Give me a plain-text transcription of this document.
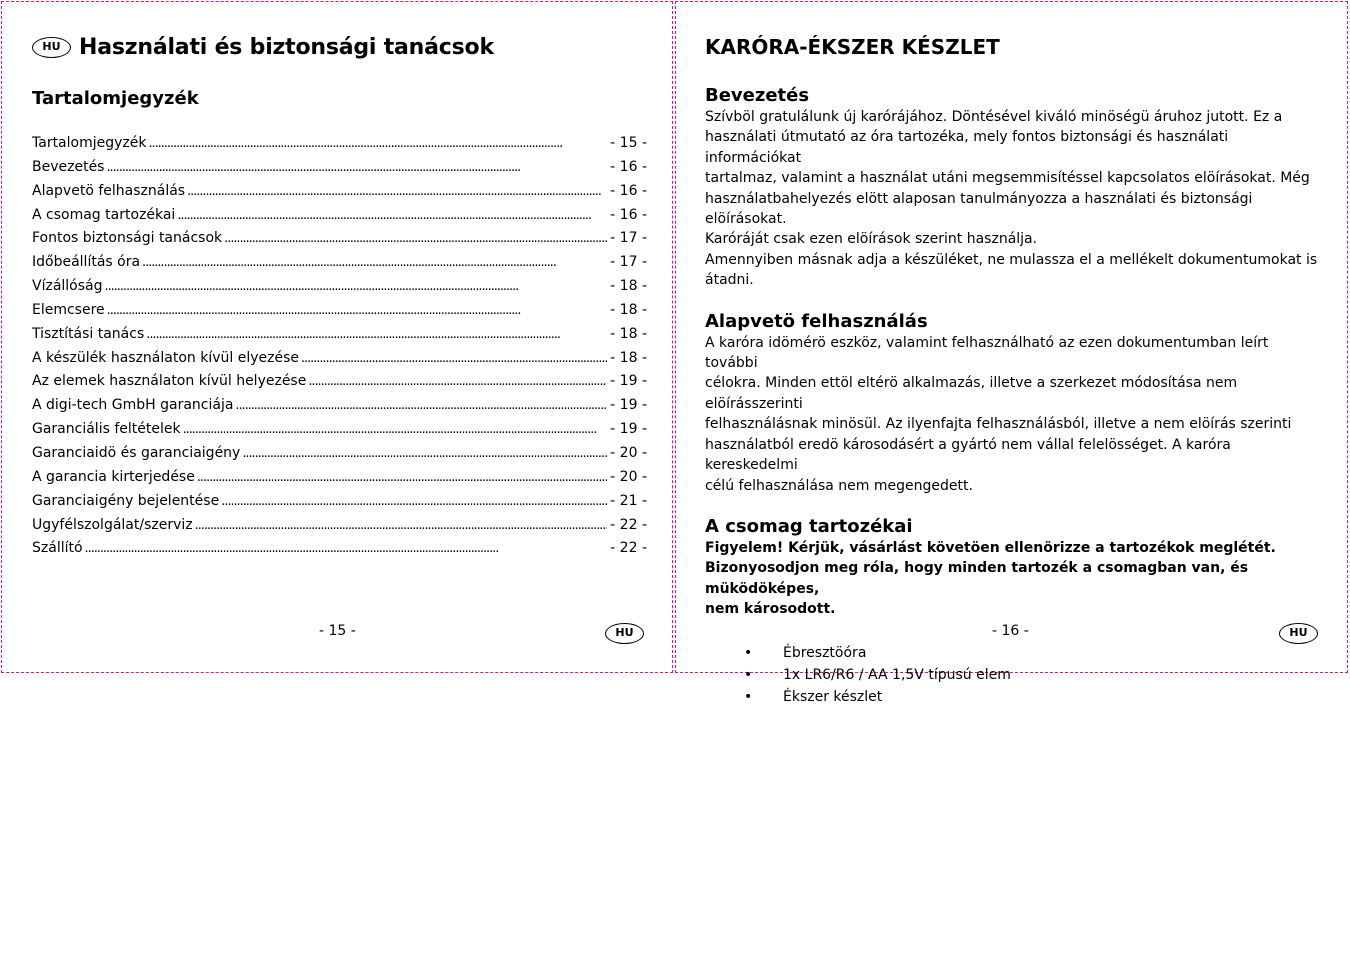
HU Használati és biztonsági tanácsok
Tartalomjegyzék
Tartalomjegyzék . . .	- 15 -
Bevezetés . . .	- 16 -
Alapvetö felhasználás . . .	- 16 -
A csomag tartozékai . . .	- 16 -
Fontos biztonsági tanácsok . . .	- 17 -
Időbeállítás óra . . .	- 17 -
Vízállóság . . .	- 18 -
Elemcsere . . .	- 18 -
Tisztítási tanács . . .	- 18 -
A készülék használaton kívül elyezése . . .	- 18 -
Az elemek használaton kívül helyezése . . .	- 19 -
A digi-tech GmbH garanciája . . .	- 19 -
Garanciális feltételek . . .	- 19 -
Garanciaidö és garanciaigény . . .	- 20 -
A garancia kirterjedése . . .	- 20 -
Garanciaigény bejelentése . . .	- 21 -
Ügyfélszolgálat/szerviz . . .	- 22 -
Szállító . . .	- 22 -
- 15 -	HU
KARÓRA-ÉKSZER KÉSZLET
Bevezetés

Szívböl gratulálunk új karórájához. Döntésével kiváló minöségü áruhoz jutott. Ez a

használati útmutató az óra tartozéka, mely fontos biztonsági és használati információkat

tartalmaz, valamint a használat utáni megsemmisítéssel kapcsolatos elöírásokat. Még

használatbahelyezés elött alaposan tanulmányozza a használati és biztonsági elöírásokat.

Karóráját csak ezen elöírások szerint használja.

Amennyiben másnak adja a készüléket, ne mulassza el a mellékelt dokumentumokat is

átadni.

Alapvetö felhasználás

A karóra idömérö eszköz, valamint felhasználható az ezen dokumentumban leírt további

célokra. Minden ettöl eltérö alkalmazás, illetve a szerkezet módosítása nem elöírásszerinti

felhasználásnak minösül. Az ilyenfajta felhasználásból, illetve a nem elöírás szerinti

használatból eredö károsodásért a gyártó nem vállal felelösséget. A karóra kereskedelmi

célú felhasználása nem megengedett.

A csomag tartozékai

Figyelem! Kérjük, vásárlást követöen ellenörizze a tartozékok meglétét.

Bizonyosodjon meg róla, hogy minden tartozék a csomagban van, és müködöképes,

nem károsodott.

•	Ébresztöóra
•	1x LR6/R6 / AA 1,5V típusú elem
•	Ékszer készlet
- 16 -	HU
